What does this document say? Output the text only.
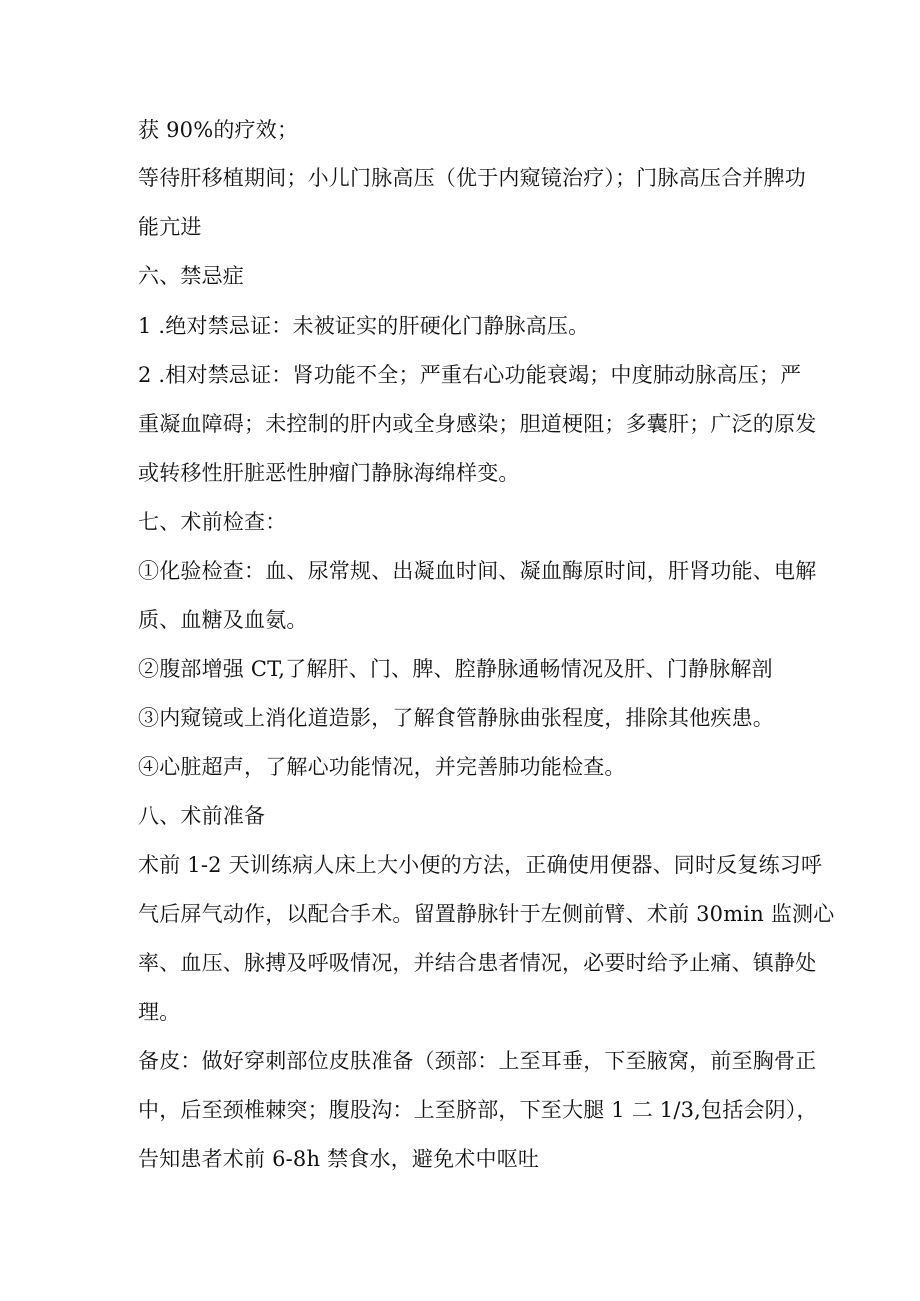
获 90%的疗效；
等待肝移植期间；小儿门脉高压（优于内窥镜治疗）；门脉高压合并脾功
能亢进
六、禁忌症
1 .绝对禁忌证：未被证实的肝硬化门静脉高压。
2 .相对禁忌证：肾功能不全；严重右心功能衰竭；中度肺动脉高压；严
重凝血障碍；未控制的肝内或全身感染；胆道梗阻；多囊肝；广泛的原发
或转移性肝脏恶性肿瘤门静脉海绵样变。
七、术前检查：
①化验检查：血、尿常规、出凝血时间、凝血酶原时间，肝肾功能、电解
质、血糖及血氨。
②腹部增强 CT,了解肝、门、脾、腔静脉通畅情况及肝、门静脉解剖
③内窥镜或上消化道造影，了解食管静脉曲张程度，排除其他疾患。
④心脏超声，了解心功能情况，并完善肺功能检查。
八、术前准备
术前 1-2 天训练病人床上大小便的方法，正确使用便器、同时反复练习呼
气后屏气动作，以配合手术。留置静脉针于左侧前臂、术前 30min 监测心
率、血压、脉搏及呼吸情况，并结合患者情况，必要时给予止痛、镇静处
理。
备皮：做好穿刺部位皮肤准备（颈部：上至耳垂，下至腋窝，前至胸骨正
中，后至颈椎棘突；腹股沟：上至脐部，下至大腿 1 二 1/3,包括会阴），
告知患者术前 6-8h 禁食水，避免术中呕吐
